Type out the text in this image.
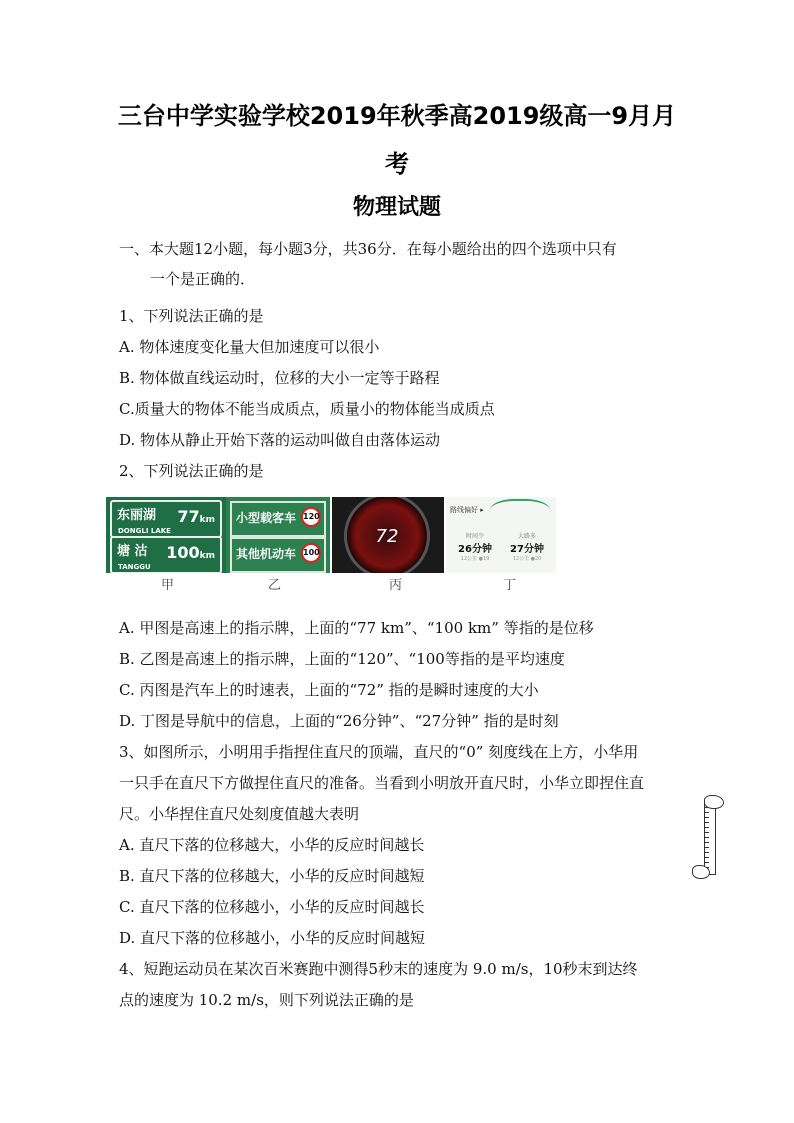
三台中学实验学校2019年秋季高2019级高一9月月
考
物理试题
一、本大题12小题，每小题3分，共36分．在每小题给出的四个选项中只有
一个是正确的．
1、下列说法正确的是
A. 物体速度变化量大但加速度可以很小
B. 物体做直线运动时，位移的大小一定等于路程
C.质量大的物体不能当成质点，质量小的物体能当成质点
D. 物体从静止开始下落的运动叫做自由落体运动
2、下列说法正确的是
东丽湖
DONGLI LAKE
77km
塘 沽
TANGGU
100km
小型载客车 120
其他机动车 100
72
路线偏好 ▸
时间少
26分钟
12公里 ●19
大路多
27分钟
12公里 ●20
甲	乙	丙	丁
A. 甲图是高速上的指示牌，上面的“77 km”、“100 km” 等指的是位移
B. 乙图是高速上的指示牌，上面的“120”、“100等指的是平均速度
C. 丙图是汽车上的时速表，上面的“72” 指的是瞬时速度的大小
D. 丁图是导航中的信息，上面的“26分钟”、“27分钟” 指的是时刻
3、如图所示，小明用手指捏住直尺的顶端，直尺的“0” 刻度线在上方，小华用
一只手在直尺下方做捏住直尺的准备。当看到小明放开直尺时，小华立即捏住直
尺。小华捏住直尺处刻度值越大表明
A. 直尺下落的位移越大，小华的反应时间越长
B. 直尺下落的位移越大，小华的反应时间越短
C. 直尺下落的位移越小，小华的反应时间越长
D. 直尺下落的位移越小，小华的反应时间越短
4、短跑运动员在某次百米赛跑中测得5秒末的速度为 9.0 m/s，10秒末到达终
点的速度为 10.2 m/s，则下列说法正确的是
